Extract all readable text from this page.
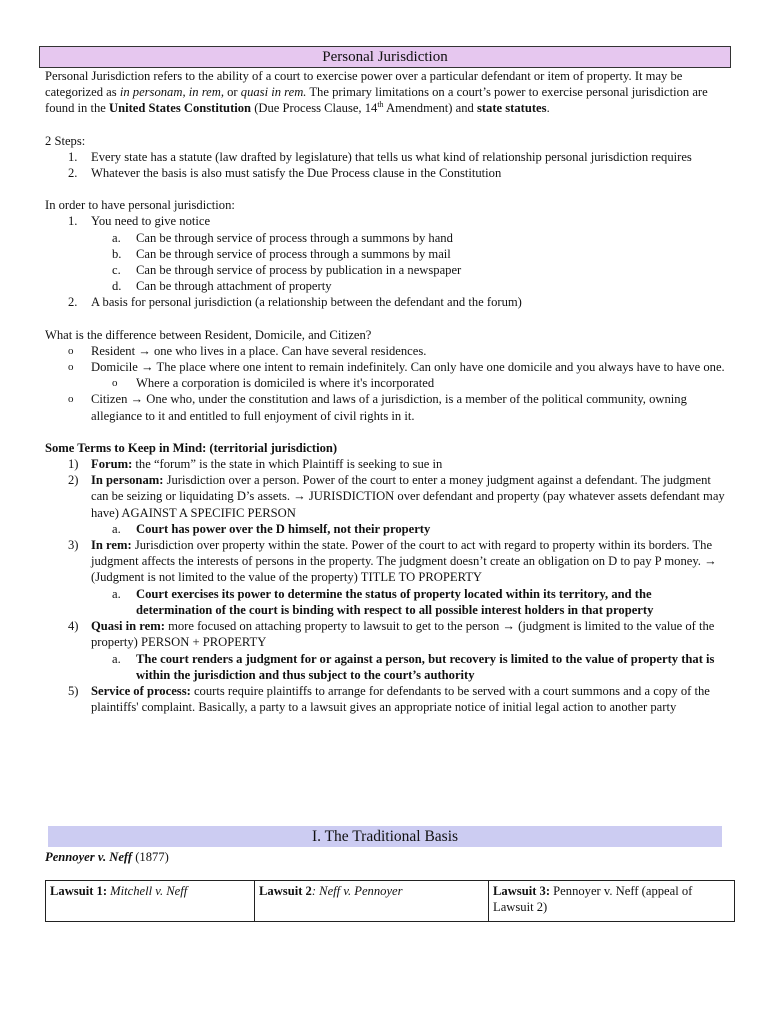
Personal Jurisdiction

Personal Jurisdiction refers to the ability of a court to exercise power over a particular defendant or item of property. It may be categorized as in personam, in rem, or quasi in rem. The primary limitations on a court’s power to exercise personal jurisdiction are found in the United States Constitution (Due Process Clause, 14th Amendment) and state statutes.

2 Steps:

1. Every state has a statute (law drafted by legislature) that tells us what kind of relationship personal jurisdiction requires
2. Whatever the basis is also must satisfy the Due Process clause in the Constitution

In order to have personal jurisdiction:

1. You need to give notice
a. Can be through service of process through a summons by hand
b. Can be through service of process through a summons by mail
c. Can be through service of process by publication in a newspaper
d. Can be through attachment of property
2. A basis for personal jurisdiction (a relationship between the defendant and the forum)

What is the difference between Resident, Domicile, and Citizen?

o Resident → one who lives in a place. Can have several residences.
o Domicile → The place where one intent to remain indefinitely. Can only have one domicile and you always have to have one.
o Where a corporation is domiciled is where it's incorporated
o Citizen → One who, under the constitution and laws of a jurisdiction, is a member of the political community, owning allegiance to it and entitled to full enjoyment of civil rights in it.

Some Terms to Keep in Mind: (territorial jurisdiction)

1) Forum: the “forum” is the state in which Plaintiff is seeking to sue in
2) In personam: Jurisdiction over a person. Power of the court to enter a money judgment against a defendant. The judgment can be seizing or liquidating D’s assets. → JURISDICTION over defendant and property (pay whatever assets defendant may have) AGAINST A SPECIFIC PERSON
a. Court has power over the D himself, not their property
3) In rem: Jurisdiction over property within the state. Power of the court to act with regard to property within its borders. The judgment affects the interests of persons in the property. The judgment doesn’t create an obligation on D to pay P money. → (Judgment is not limited to the value of the property) TITLE TO PROPERTY
a. Court exercises its power to determine the status of property located within its territory, and the determination of the court is binding with respect to all possible interest holders in that property
4) Quasi in rem: more focused on attaching property to lawsuit to get to the person → (judgment is limited to the value of the property) PERSON + PROPERTY
a. The court renders a judgment for or against a person, but recovery is limited to the value of property that is within the jurisdiction and thus subject to the court’s authority
5) Service of process: courts require plaintiffs to arrange for defendants to be served with a court summons and a copy of the plaintiffs' complaint. Basically, a party to a lawsuit gives an appropriate notice of initial legal action to another party
I. The Traditional Basis
Pennoyer v. Neff (1877)
Lawsuit 1: Mitchell v. Neff	Lawsuit 2: Neff v. Pennoyer	Lawsuit 3: Pennoyer v. Neff (appeal of Lawsuit 2)
